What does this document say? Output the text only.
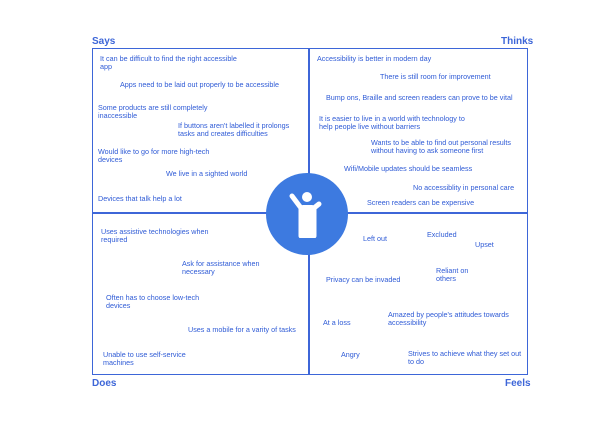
Says	Thinks
Does	Feels
It can be difficult to find the right accessible app
Apps need to be laid out properly to be accessible
Some products are still completely inaccessible
If buttons aren't labelled it prolongs tasks and creates difficulties
Would like to go for more high-tech devices
We live in a sighted world
Devices that talk help a lot
Accessibility is better in modern day
There is still room for improvement
Bump ons, Braille and screen readers can prove to be vital
It is easier to live in a world with technology to help people live without barriers
Wants to be able to find out personal results without having to ask someone first
Wifi/Mobile updates should be seamless
No accessiblity in personal care
Screen readers can be expensive
Uses assistive technologies when required
Ask for assistance when necessary
Often has to choose low-tech devices
Uses a mobile for a varity of tasks
Unable to use self-service machines
Left out	Excluded
Upset
Reliant on others
Privacy can be invaded
At a loss
Amazed by people's attitudes towards accessibility
Angry	Strives to achieve what they set out to do
